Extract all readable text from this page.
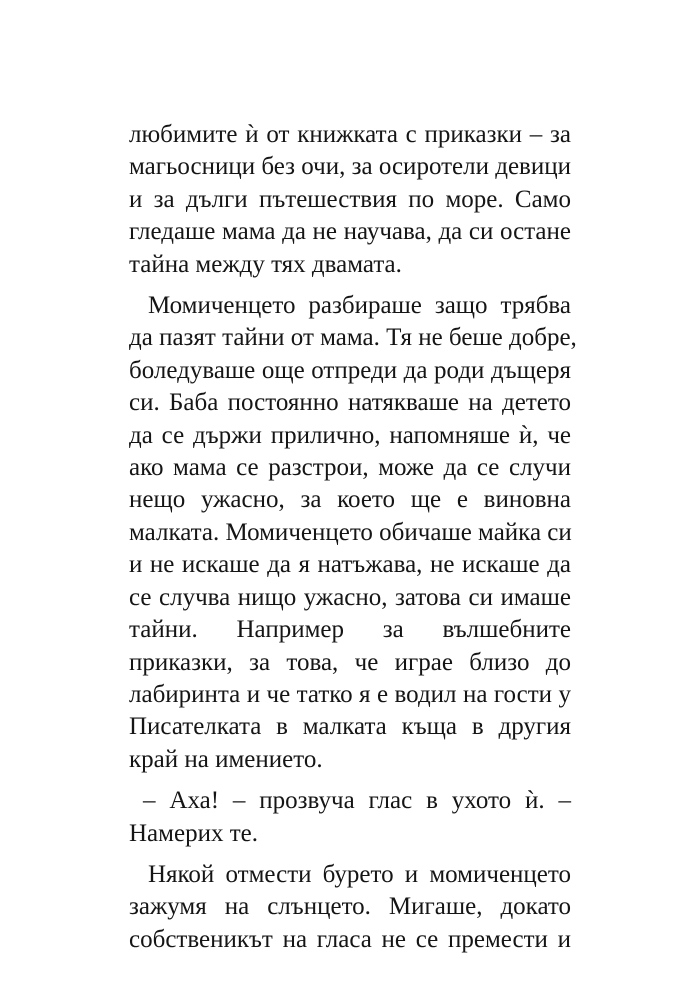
любимите ѝ от книжката с приказки – за
магьосници без очи, за осиротели девици
и за дълги пътешествия по море. Само
гледаше мама да не научава, да си остане
тайна между тях двамата.
Момиченцето разбираше защо трябва
да пазят тайни от мама. Тя не беше добре,
боледуваше още отпреди да роди дъщеря
си. Баба постоянно натякваше на детето
да се държи прилично, напомняше ѝ, че
ако мама се разстрои, може да се случи
нещо ужасно, за което ще е виновна
малката. Момиченцето обичаше майка си
и не искаше да я натъжава, не искаше да
се случва нищо ужасно, затова си имаше
тайни. Например за вълшебните
приказки, за това, че играе близо до
лабиринта и че татко я е водил на гости у
Писателката в малката къща в другия
край на имението.
– Аха! – прозвуча глас в ухото ѝ. –
Намерих те.
Някой отмести бурето и момиченцето
зажумя на слънцето. Мигаше, докато
собственикът на гласа не се премести и
